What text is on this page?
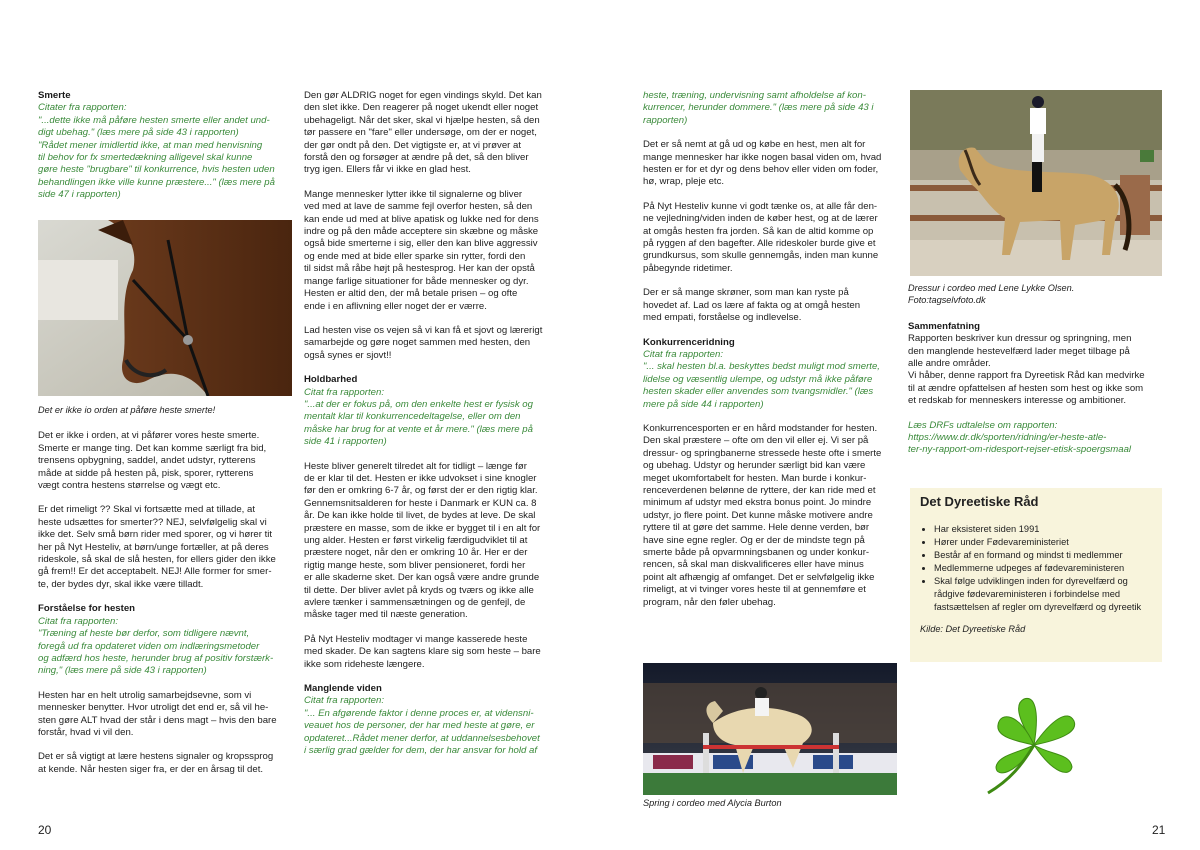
Smerte
Citater fra rapporten:
"...dette ikke må påføre hesten smerte eller andet und-
digt ubehag." (læs mere på side 43 i rapporten)
"Rådet mener imidlertid ikke, at man med henvisning
til behov for fx smertedækning alligevel skal kunne
gøre heste "brugbare" til konkurrence, hvis hesten uden
behandlingen ikke ville kunne præstere..." (læs mere på
side 47 i rapporten)
Det er ikke io orden at påføre heste smerte!

Det er ikke i orden, at vi påfører vores heste smerte.
Smerte er mange ting. Det kan komme særligt fra bid,
trensens opbygning, saddel, andet udstyr, rytterens
måde at sidde på hesten på, pisk, sporer, rytterens
vægt contra hestens størrelse og vægt etc.

Er det rimeligt ?? Skal vi fortsætte med at tillade, at
heste udsættes for smerter?? NEJ, selvfølgelig skal vi
ikke det. Selv små børn rider med sporer, og vi hører tit
her på Nyt Hesteliv, at børn/unge fortæller, at på deres
rideskole, så skal de slå hesten, for ellers gider den ikke
gå frem!! Er det acceptabelt. NEJ! Alle former for smer-
te, der bydes dyr, skal ikke være tilladt.

Forståelse for hesten
Citat fra rapporten:
"Træning af heste bør derfor, som tidligere nævnt,
foregå ud fra opdateret viden om indlæringsmetoder
og adfærd hos heste, herunder brug af positiv forstærk-
ning," (læs mere på side 43 i rapporten)

Hesten har en helt utrolig samarbejdsevne, som vi
mennesker benytter. Hvor utroligt det end er, så vil he-
sten gøre ALT hvad der står i dens magt – hvis den bare
forstår, hvad vi vil den.

Det er så vigtigt at lære hestens signaler og kropssprog
at kende. Når hesten siger fra, er der en årsag til det.

Den gør ALDRIG noget for egen vindings skyld. Det kan
den slet ikke. Den reagerer på noget ukendt eller noget
ubehageligt. Når det sker, skal vi hjælpe hesten, så den
tør passere en "fare" eller undersøge, om der er noget,
der gør ondt på den. Det vigtigste er, at vi prøver at
forstå den og forsøger at ændre på det, så den bliver
tryg igen. Ellers får vi ikke en glad hest.

Mange mennesker lytter ikke til signalerne og bliver
ved med at lave de samme fejl overfor hesten, så den
kan ende ud med at blive apatisk og lukke ned for dens
indre og på den måde acceptere sin skæbne og måske
også bide smerterne i sig, eller den kan blive aggressiv
og ende med at bide eller sparke sin rytter, fordi den
til sidst må råbe højt på hestesprog. Her kan der opstå
mange farlige situationer for både mennesker og dyr.
Hesten er altid den, der må betale prisen – og ofte
ende i en aflivning eller noget der er værre.

Lad hesten vise os vejen så vi kan få et sjovt og lærerigt
samarbejde og gøre noget sammen med hesten, den
også synes er sjovt!!

Holdbarhed
Citat fra rapporten:
"...at der er fokus på, om den enkelte hest er fysisk og
mentalt klar til konkurrencedeltagelse, eller om den
måske har brug for at vente et år mere." (læs mere på
side 41 i rapporten)

Heste bliver generelt tilredet alt for tidligt – længe før
de er klar til det. Hesten er ikke udvokset i sine knogler
før den er omkring 6-7 år, og først der er den rigtig klar.
Gennemsnitsalderen for heste i Danmark er KUN ca. 8
år. De kan ikke holde til livet, de bydes at leve. De skal
præstere en masse, som de ikke er bygget til i en alt for
ung alder. Hesten er først virkelig færdigudviklet til at
præstere noget, når den er omkring 10 år. Her er der
rigtig mange heste, som bliver pensioneret, fordi her
er alle skaderne sket. Der kan også være andre grunde
til dette. Der bliver avlet på kryds og tværs og ikke alle
avlere tænker i sammensætningen og de genfejl, de
måske tager med til næste generation.

På Nyt Hesteliv modtager vi mange kasserede heste
med skader. De kan sagtens klare sig som heste – bare
ikke som rideheste længere.

Manglende viden
Citat fra rapporten:
"... En afgørende faktor i denne proces er, at vidensni-
veauet hos de personer, der har med heste at gøre, er
opdateret...Rådet mener derfor, at uddannelsesbehovet
i særlig grad gælder for dem, der har ansvar for hold af
heste, træning, undervisning samt afholdelse af kon-
kurrencer, herunder dommere." (læs mere på side 43 i
rapporten)

Det er så nemt at gå ud og købe en hest, men alt for
mange mennesker har ikke nogen basal viden om, hvad
hesten er for et dyr og dens behov eller viden om foder,
hø, wrap, pleje etc.

På Nyt Hesteliv kunne vi godt tænke os, at alle får den-
ne vejledning/viden inden de køber hest, og at de lærer
at omgås hesten fra jorden. Så kan de altid komme op
på ryggen af den bagefter. Alle rideskoler burde give et
grundkursus, som skulle gennemgås, inden man kunne
påbegynde ridetimer.

Der er så mange skrøner, som man kan ryste på
hovedet af. Lad os lære af fakta og at omgå hesten
med empati, forståelse og indlevelse.

Konkurrenceridning
Citat fra rapporten:
"... skal hesten bl.a. beskyttes bedst muligt mod smerte,
lidelse og væsentlig ulempe, og udstyr må ikke påføre
hesten skader eller anvendes som tvangsmidler." (læs
mere på side 44 i rapporten)

Konkurrencesporten er en hård modstander for hesten.
Den skal præstere – ofte om den vil eller ej. Vi ser på
dressur- og springbanerne stressede heste ofte i smerte
og ubehag. Udstyr og herunder særligt bid kan være
meget ukomfortabelt for hesten. Man burde i konkur-
renceverdenen belønne de ryttere, der kan ride med et
minimum af udstyr med ekstra bonus point. Jo mindre
udstyr, jo flere point. Det kunne måske motivere andre
ryttere til at gøre det samme. Hele denne verden, bør
have sine egne regler. Og er der de mindste tegn på
smerte både på opvarmningsbanen og under konkur-
rencen, så skal man diskvalificeres eller have minus
point alt afhængig af omfanget. Det er selvfølgelig ikke
rimeligt, at vi tvinger vores heste til at gennemføre et
program, når den føler ubehag.

Spring i cordeo med Alycia Burton
Dressur i cordeo med Lene Lykke Olsen.
Foto:tagselvfoto.dk
Sammenfatning

Rapporten beskriver kun dressur og springning, men
den manglende hestevelfærd lader meget tilbage på
alle andre områder.
Vi håber, denne rapport fra Dyreetisk Råd kan medvirke
til at ændre opfattelsen af hesten som hest og ikke som
et redskab for menneskers interesse og ambitioner.

Læs DRFs udtalelse om rapporten:
https://www.dr.dk/sporten/ridning/er-heste-atle-
ter-ny-rapport-om-ridesport-rejser-etisk-spoergsmaal
Det Dyreetiske Råd
• Har eksisteret siden 1991
• Hører under Fødevareministeriet
• Består af en formand og mindst ti medlemmer
• Medlemmerne udpeges af fødevareministeren
• Skal følge udviklingen inden for dyrevelfærd og rådgive fødevareministeren i forbindelse med fastsættelsen af regler om dyrevelfærd og dyreetik
Kilde: Det Dyreetiske Råd
20	21
